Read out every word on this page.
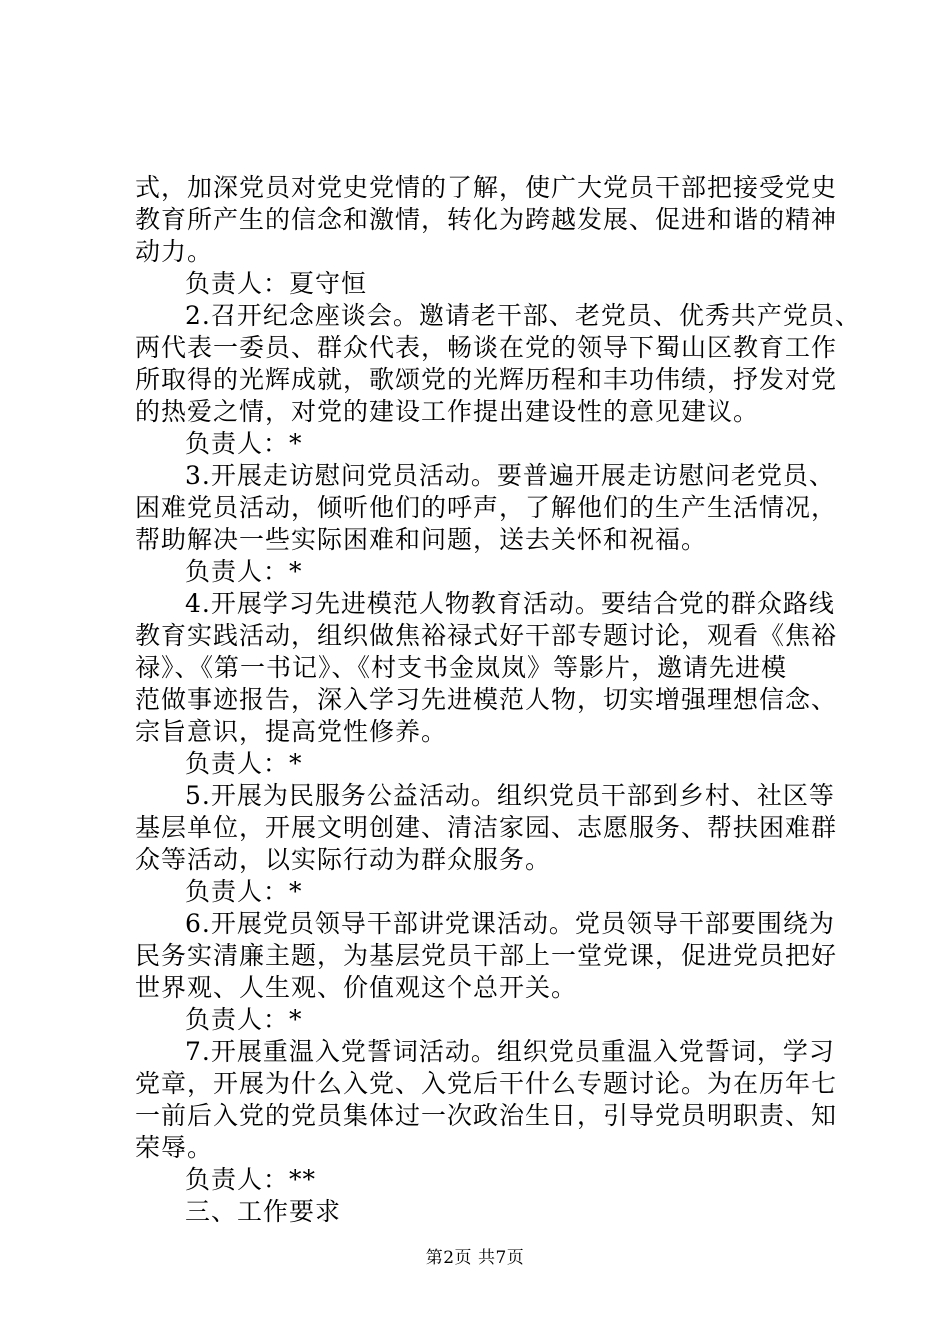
式，加深党员对党史党情的了解，使广大党员干部把接受党史
教育所产生的信念和激情，转化为跨越发展、促进和谐的精神
动力。
负责人：夏守恒
2.召开纪念座谈会。邀请老干部、老党员、优秀共产党员、
两代表一委员、群众代表，畅谈在党的领导下蜀山区教育工作
所取得的光辉成就，歌颂党的光辉历程和丰功伟绩，抒发对党
的热爱之情，对党的建设工作提出建设性的意见建议。
负责人：*
3.开展走访慰问党员活动。要普遍开展走访慰问老党员、
困难党员活动，倾听他们的呼声，了解他们的生产生活情况，
帮助解决一些实际困难和问题，送去关怀和祝福。
负责人：*
4.开展学习先进模范人物教育活动。要结合党的群众路线
教育实践活动，组织做焦裕禄式好干部专题讨论，观看《焦裕
禄》、《第一书记》、《村支书金岚岚》等影片，邀请先进模
范做事迹报告，深入学习先进模范人物，切实增强理想信念、
宗旨意识，提高党性修养。
负责人：*
5.开展为民服务公益活动。组织党员干部到乡村、社区等
基层单位，开展文明创建、清洁家园、志愿服务、帮扶困难群
众等活动，以实际行动为群众服务。
负责人：*
6.开展党员领导干部讲党课活动。党员领导干部要围绕为
民务实清廉主题，为基层党员干部上一堂党课，促进党员把好
世界观、人生观、价值观这个总开关。
负责人：*
7.开展重温入党誓词活动。组织党员重温入党誓词，学习
党章，开展为什么入党、入党后干什么专题讨论。为在历年七
一前后入党的党员集体过一次政治生日，引导党员明职责、知
荣辱。
负责人：**
三、工作要求
第2页 共7页
